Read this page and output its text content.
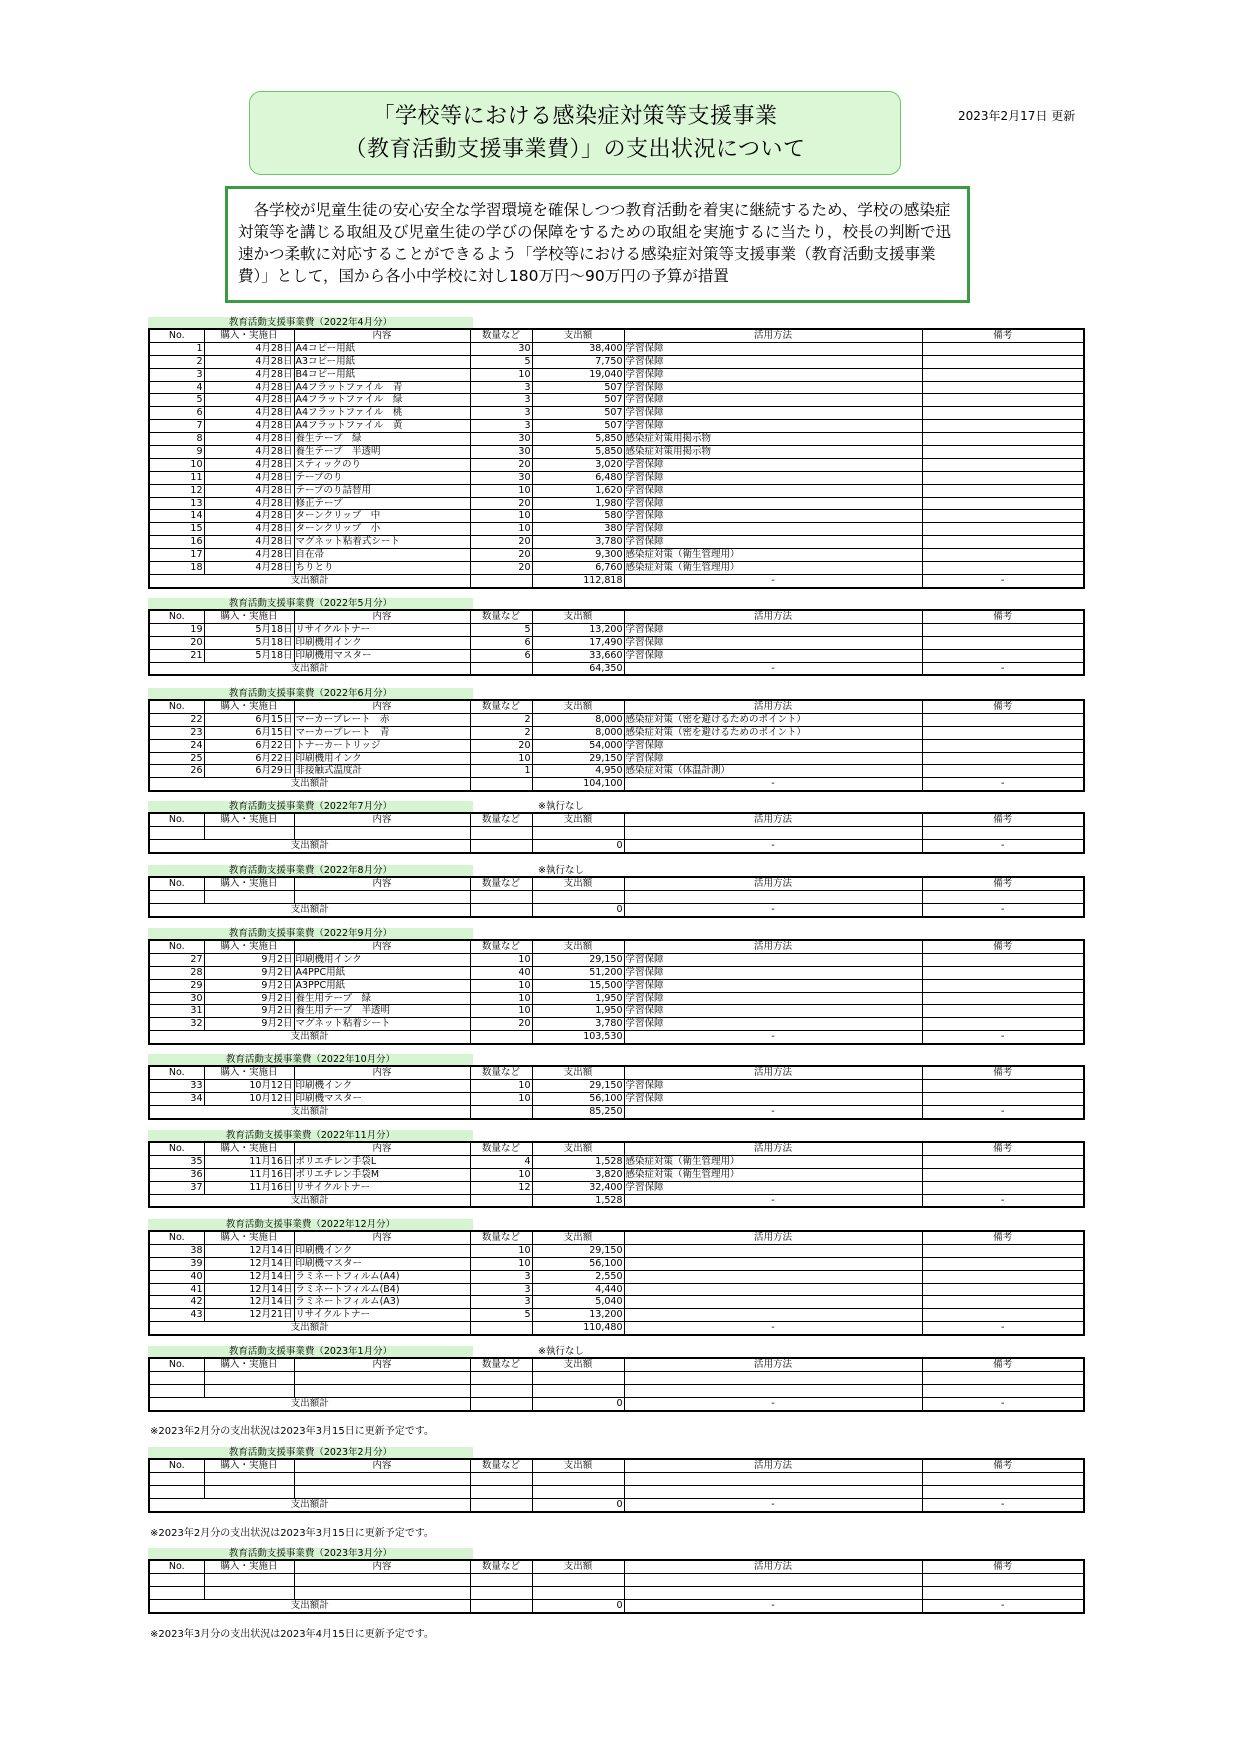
「学校等における感染症対策等支援事業
（教育活動支援事業費）」の支出状況について
2023年2月17日 更新
各学校が児童生徒の安心安全な学習環境を確保しつつ教育活動を着実に継続するため、学校の感染症対策等を講じる取組及び児童生徒の学びの保障をするための取組を実施するに当たり，校長の判断で迅速かつ柔軟に対応することができるよう「学校等における感染症対策等支援事業（教育活動支援事業費）」として，国から各小中学校に対し180万円～90万円の予算が措置
教育活動支援事業費（2022年4月分）
No.	購入・実施日	内容	数量など	支出額	活用方法	備考
1	4月28日	A4コピー用紙	30	38,400	学習保障	
2	4月28日	A3コピー用紙	5	7,750	学習保障	
3	4月28日	B4コピー用紙	10	19,040	学習保障	
4	4月28日	A4フラットファイル　青	3	507	学習保障	
5	4月28日	A4フラットファイル　緑	3	507	学習保障	
6	4月28日	A4フラットファイル　桃	3	507	学習保障	
7	4月28日	A4フラットファイル　黄	3	507	学習保障	
8	4月28日	養生テープ　緑	30	5,850	感染症対策用掲示物	
9	4月28日	養生テープ　半透明	30	5,850	感染症対策用掲示物	
10	4月28日	スティックのり	20	3,020	学習保障	
11	4月28日	テープのり	30	6,480	学習保障	
12	4月28日	テープのり詰替用	10	1,620	学習保障	
13	4月28日	修正テープ	20	1,980	学習保障	
14	4月28日	ターンクリップ　中	10	580	学習保障	
15	4月28日	ターンクリップ　小	10	380	学習保障	
16	4月28日	マグネット粘着式シート	20	3,780	学習保障	
17	4月28日	自在帚	20	9,300	感染症対策（衛生管理用）	
18	4月28日	ちりとり	20	6,760	感染症対策（衛生管理用）	
支出額計				112,818	-	-
教育活動支援事業費（2022年5月分）
No.	購入・実施日	内容	数量など	支出額	活用方法	備考
19	5月18日	リサイクルトナー	5	13,200	学習保障	
20	5月18日	印刷機用インク	6	17,490	学習保障	
21	5月18日	印刷機用マスター	6	33,660	学習保障	
支出額計				64,350	-	-
教育活動支援事業費（2022年6月分）
No.	購入・実施日	内容	数量など	支出額	活用方法	備考
22	6月15日	マーカープレート　赤	2	8,000	感染症対策（密を避けるためのポイント）	
23	6月15日	マーカープレート　青	2	8,000	感染症対策（密を避けるためのポイント）	
24	6月22日	トナーカートリッジ	20	54,000	学習保障	
25	6月22日	印刷機用インク	10	29,150	学習保障	
26	6月29日	非接触式温度計	1	4,950	感染症対策（体温計測）	
支出額計				104,100	-	-
教育活動支援事業費（2022年7月分）	※執行なし
No.	購入・実施日	内容	数量など	支出額	活用方法	備考

支出額計				0	-	-
教育活動支援事業費（2022年8月分）	※執行なし
No.	購入・実施日	内容	数量など	支出額	活用方法	備考

支出額計				0	-	-
教育活動支援事業費（2022年9月分）
No.	購入・実施日	内容	数量など	支出額	活用方法	備考
27	9月2日	印刷機用インク	10	29,150	学習保障	
28	9月2日	A4PPC用紙	40	51,200	学習保障	
29	9月2日	A3PPC用紙	10	15,500	学習保障	
30	9月2日	養生用テープ　緑	10	1,950	学習保障	
31	9月2日	養生用テープ　半透明	10	1,950	学習保障	
32	9月2日	マグネット粘着シート	20	3,780	学習保障	
支出額計				103,530	-	-
教育活動支援事業費（2022年10月分）
No.	購入・実施日	内容	数量など	支出額	活用方法	備考
33	10月12日	印刷機インク	10	29,150	学習保障	
34	10月12日	印刷機マスター	10	56,100	学習保障	
支出額計				85,250	-	-
教育活動支援事業費（2022年11月分）
No.	購入・実施日	内容	数量など	支出額	活用方法	備考
35	11月16日	ポリエチレン手袋L	4	1,528	感染症対策（衛生管理用）	
36	11月16日	ポリエチレン手袋M	10	3,820	感染症対策（衛生管理用）	
37	11月16日	リサイクルトナー	12	32,400	学習保障	
支出額計				1,528	-	-
教育活動支援事業費（2022年12月分）
No.	購入・実施日	内容	数量など	支出額	活用方法	備考
38	12月14日	印刷機インク	10	29,150		
39	12月14日	印刷機マスター	10	56,100		
40	12月14日	ラミネートフィルム(A4)	3	2,550		
41	12月14日	ラミネートフィルム(B4)	3	4,440		
42	12月14日	ラミネートフィルム(A3)	3	5,040		
43	12月21日	リサイクルトナー	5	13,200		
支出額計				110,480	-	-
教育活動支援事業費（2023年1月分）	※執行なし
No.	購入・実施日	内容	数量など	支出額	活用方法	備考

支出額計				0	-	-
教育活動支援事業費（2023年2月分）
No.	購入・実施日	内容	数量など	支出額	活用方法	備考

支出額計				0	-	-
教育活動支援事業費（2023年3月分）
No.	購入・実施日	内容	数量など	支出額	活用方法	備考

支出額計				0	-	-
※2023年2月分の支出状況は2023年3月15日に更新予定です。
※2023年2月分の支出状況は2023年3月15日に更新予定です。
※2023年3月分の支出状況は2023年4月15日に更新予定です。
